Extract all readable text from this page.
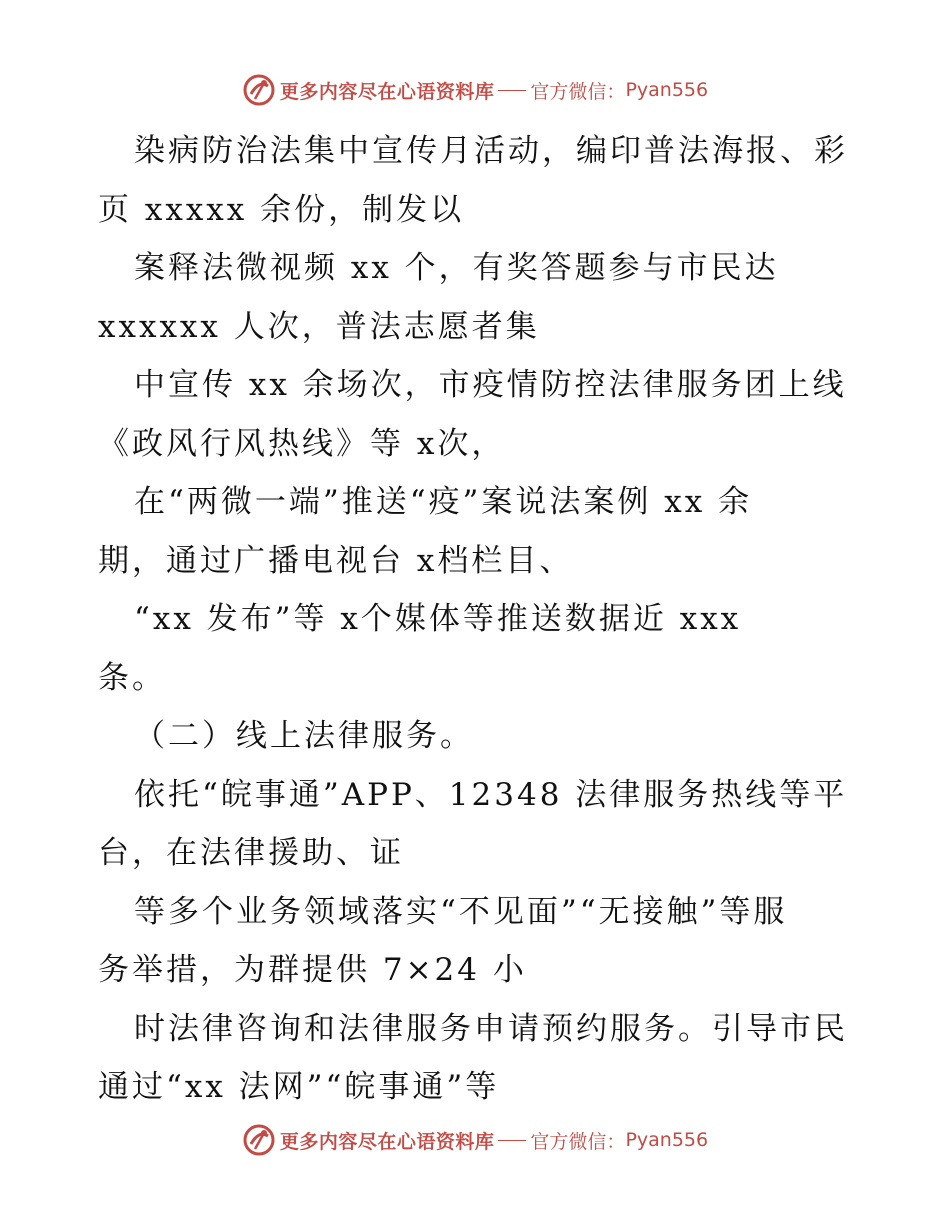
更多内容尽在心语资料库 官方微信： Pyan556
染病防治法集中宣传月活动，编印普法海报、彩
页 xxxxx 余份，制发以
案释法微视频 xx 个，有奖答题参与市民达
xxxxxx 人次，普法志愿者集
中宣传 xx 余场次，市疫情防控法律服务团上线
《政风行风热线》等 x次，
在“两微一端”推送“疫”案说法案例 xx 余
期，通过广播电视台 x档栏目、
“xx 发布”等 x个媒体等推送数据近 xxx
条。
（二）线上法律服务。
依托“皖事通”APP、12348 法律服务热线等平
台，在法律援助、证
等多个业务领域落实“不见面”“无接触”等服
务举措，为群提供 7×24 小
时法律咨询和法律服务申请预约服务。引导市民
通过“xx 法网”“皖事通”等
更多内容尽在心语资料库 官方微信： Pyan556
